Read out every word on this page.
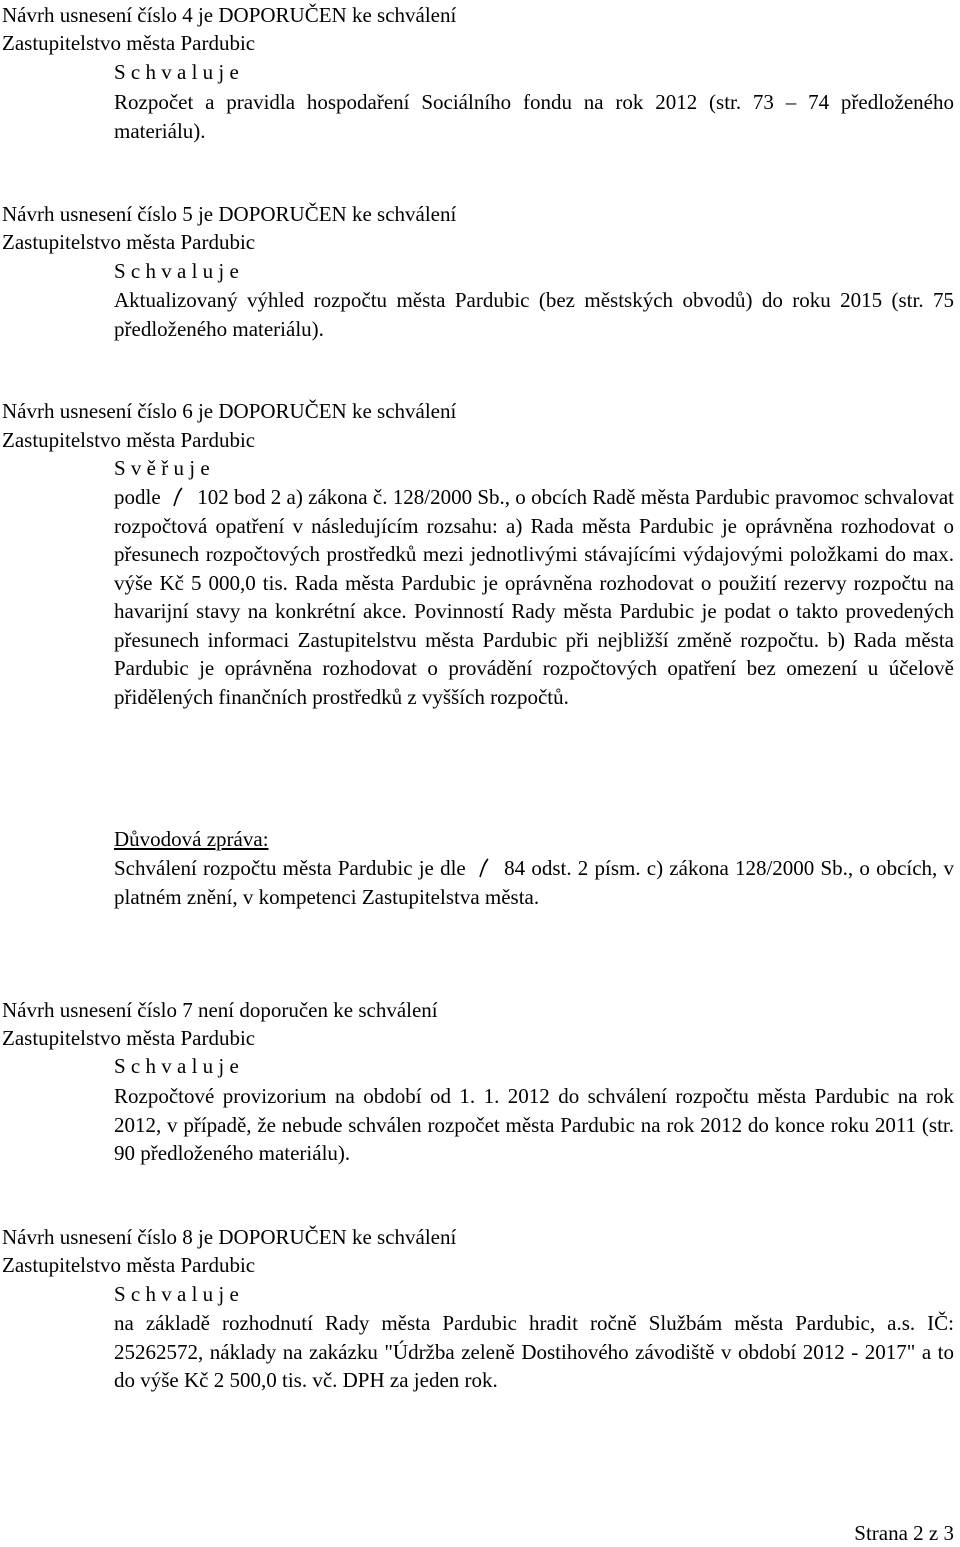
Návrh usnesení číslo 4 je DOPORUČEN ke schválení
Zastupitelstvo města Pardubic
S c h v a l u j e
Rozpočet a pravidla hospodaření Sociálního fondu na rok 2012 (str. 73 – 74 předloženého materiálu).
Návrh usnesení číslo 5 je DOPORUČEN ke schválení
Zastupitelstvo města Pardubic
S c h v a l u j e
Aktualizovaný výhled rozpočtu města Pardubic (bez městských obvodů) do roku 2015 (str. 75 předloženého materiálu).
Návrh usnesení číslo 6 je DOPORUČEN ke schválení
Zastupitelstvo města Pardubic
S v ě ř u j e
podle 102 bod 2 a) zákona č. 128/2000 Sb., o obcích Radě města Pardubic pravomoc schvalovat rozpočtová opatření v následujícím rozsahu: a) Rada města Pardubic je oprávněna rozhodovat o přesunech rozpočtových prostředků mezi jednotlivými stávajícími výdajovými položkami do max. výše Kč 5 000,0 tis. Rada města Pardubic je oprávněna rozhodovat o použití rezervy rozpočtu na havarijní stavy na konkrétní akce. Povinností Rady města Pardubic je podat o takto provedených přesunech informaci Zastupitelstvu města Pardubic při nejbližší změně rozpočtu. b) Rada města Pardubic je oprávněna rozhodovat o provádění rozpočtových opatření bez omezení u účelově přidělených finančních prostředků z vyšších rozpočtů.
Důvodová zpráva:
Schválení rozpočtu města Pardubic je dle 84 odst. 2 písm. c) zákona 128/2000 Sb., o obcích, v platném znění, v kompetenci Zastupitelstva města.
Návrh usnesení číslo 7 není doporučen ke schválení
Zastupitelstvo města Pardubic
S c h v a l u j e
Rozpočtové provizorium na období od 1. 1. 2012 do schválení rozpočtu města Pardubic na rok 2012, v případě, že nebude schválen rozpočet města Pardubic na rok 2012 do konce roku 2011 (str. 90 předloženého materiálu).
Návrh usnesení číslo 8 je DOPORUČEN ke schválení
Zastupitelstvo města Pardubic
S c h v a l u j e
na základě rozhodnutí Rady města Pardubic hradit ročně Službám města Pardubic, a.s. IČ: 25262572, náklady na zakázku "Údržba zeleně Dostihového závodiště v období 2012 - 2017" a to do výše Kč 2 500,0 tis. vč. DPH za jeden rok.
Strana 2 z 3
